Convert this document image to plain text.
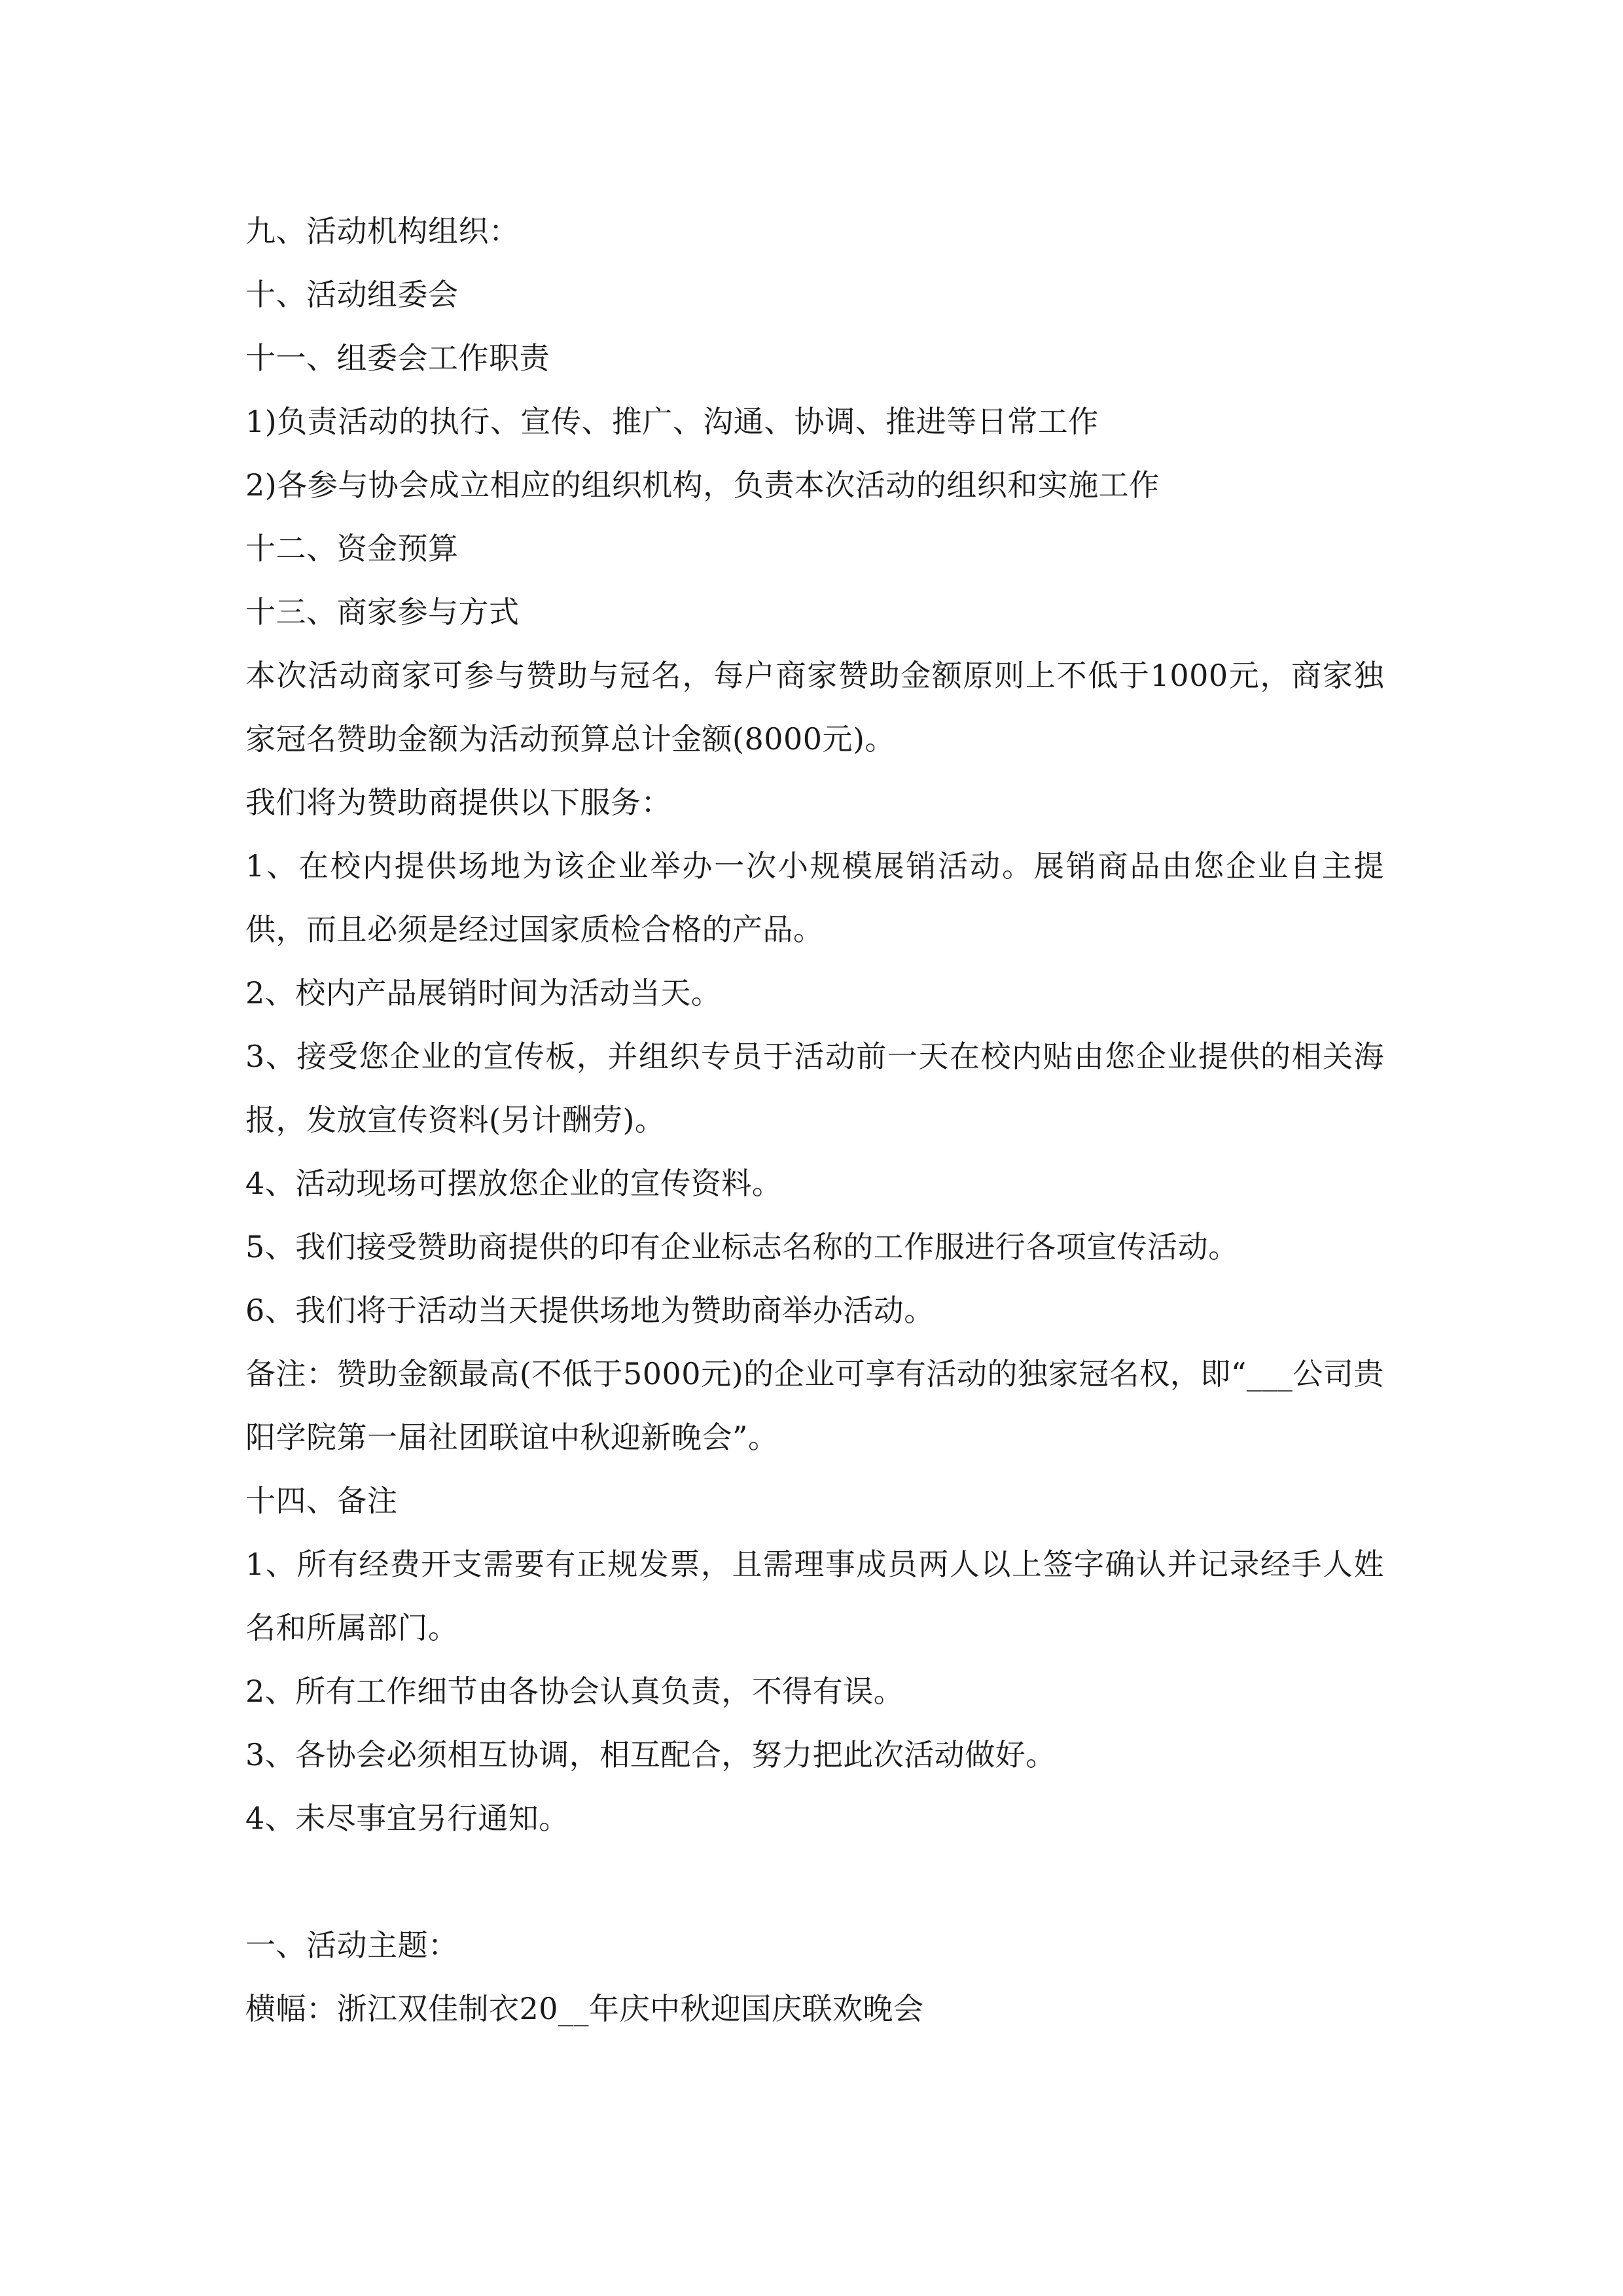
九、活动机构组织：
十、活动组委会
十一、组委会工作职责
1)负责活动的执行、宣传、推广、沟通、协调、推进等日常工作
2)各参与协会成立相应的组织机构，负责本次活动的组织和实施工作
十二、资金预算
十三、商家参与方式
本次活动商家可参与赞助与冠名，每户商家赞助金额原则上不低于1000元，商家独家冠名赞助金额为活动预算总计金额(8000元)。
我们将为赞助商提供以下服务：
1、在校内提供场地为该企业举办一次小规模展销活动。展销商品由您企业自主提供，而且必须是经过国家质检合格的产品。
2、校内产品展销时间为活动当天。
3、接受您企业的宣传板，并组织专员于活动前一天在校内贴由您企业提供的相关海报，发放宣传资料(另计酬劳)。
4、活动现场可摆放您企业的宣传资料。
5、我们接受赞助商提供的印有企业标志名称的工作服进行各项宣传活动。
6、我们将于活动当天提供场地为赞助商举办活动。
备注：赞助金额最高(不低于5000元)的企业可享有活动的独家冠名权，即“___公司贵阳学院第一届社团联谊中秋迎新晚会”。
十四、备注
1、所有经费开支需要有正规发票，且需理事成员两人以上签字确认并记录经手人姓名和所属部门。
2、所有工作细节由各协会认真负责，不得有误。
3、各协会必须相互协调，相互配合，努力把此次活动做好。
4、未尽事宜另行通知。
一、活动主题：
横幅：浙江双佳制衣20__年庆中秋迎国庆联欢晚会
